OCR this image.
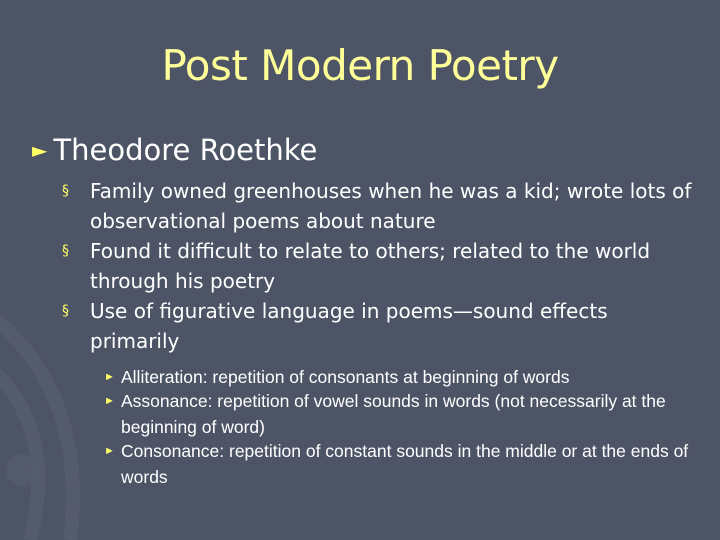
Post Modern Poetry
► Theodore Roethke
§ Family owned greenhouses when he was a kid; wrote lots of observational poems about nature
§ Found it difficult to relate to others; related to the world through his poetry
§ Use of figurative language in poems—sound effects primarily
► Alliteration: repetition of consonants at beginning of words
► Assonance: repetition of vowel sounds in words (not necessarily at the beginning of word)
► Consonance: repetition of constant sounds in the middle or at the ends of words
